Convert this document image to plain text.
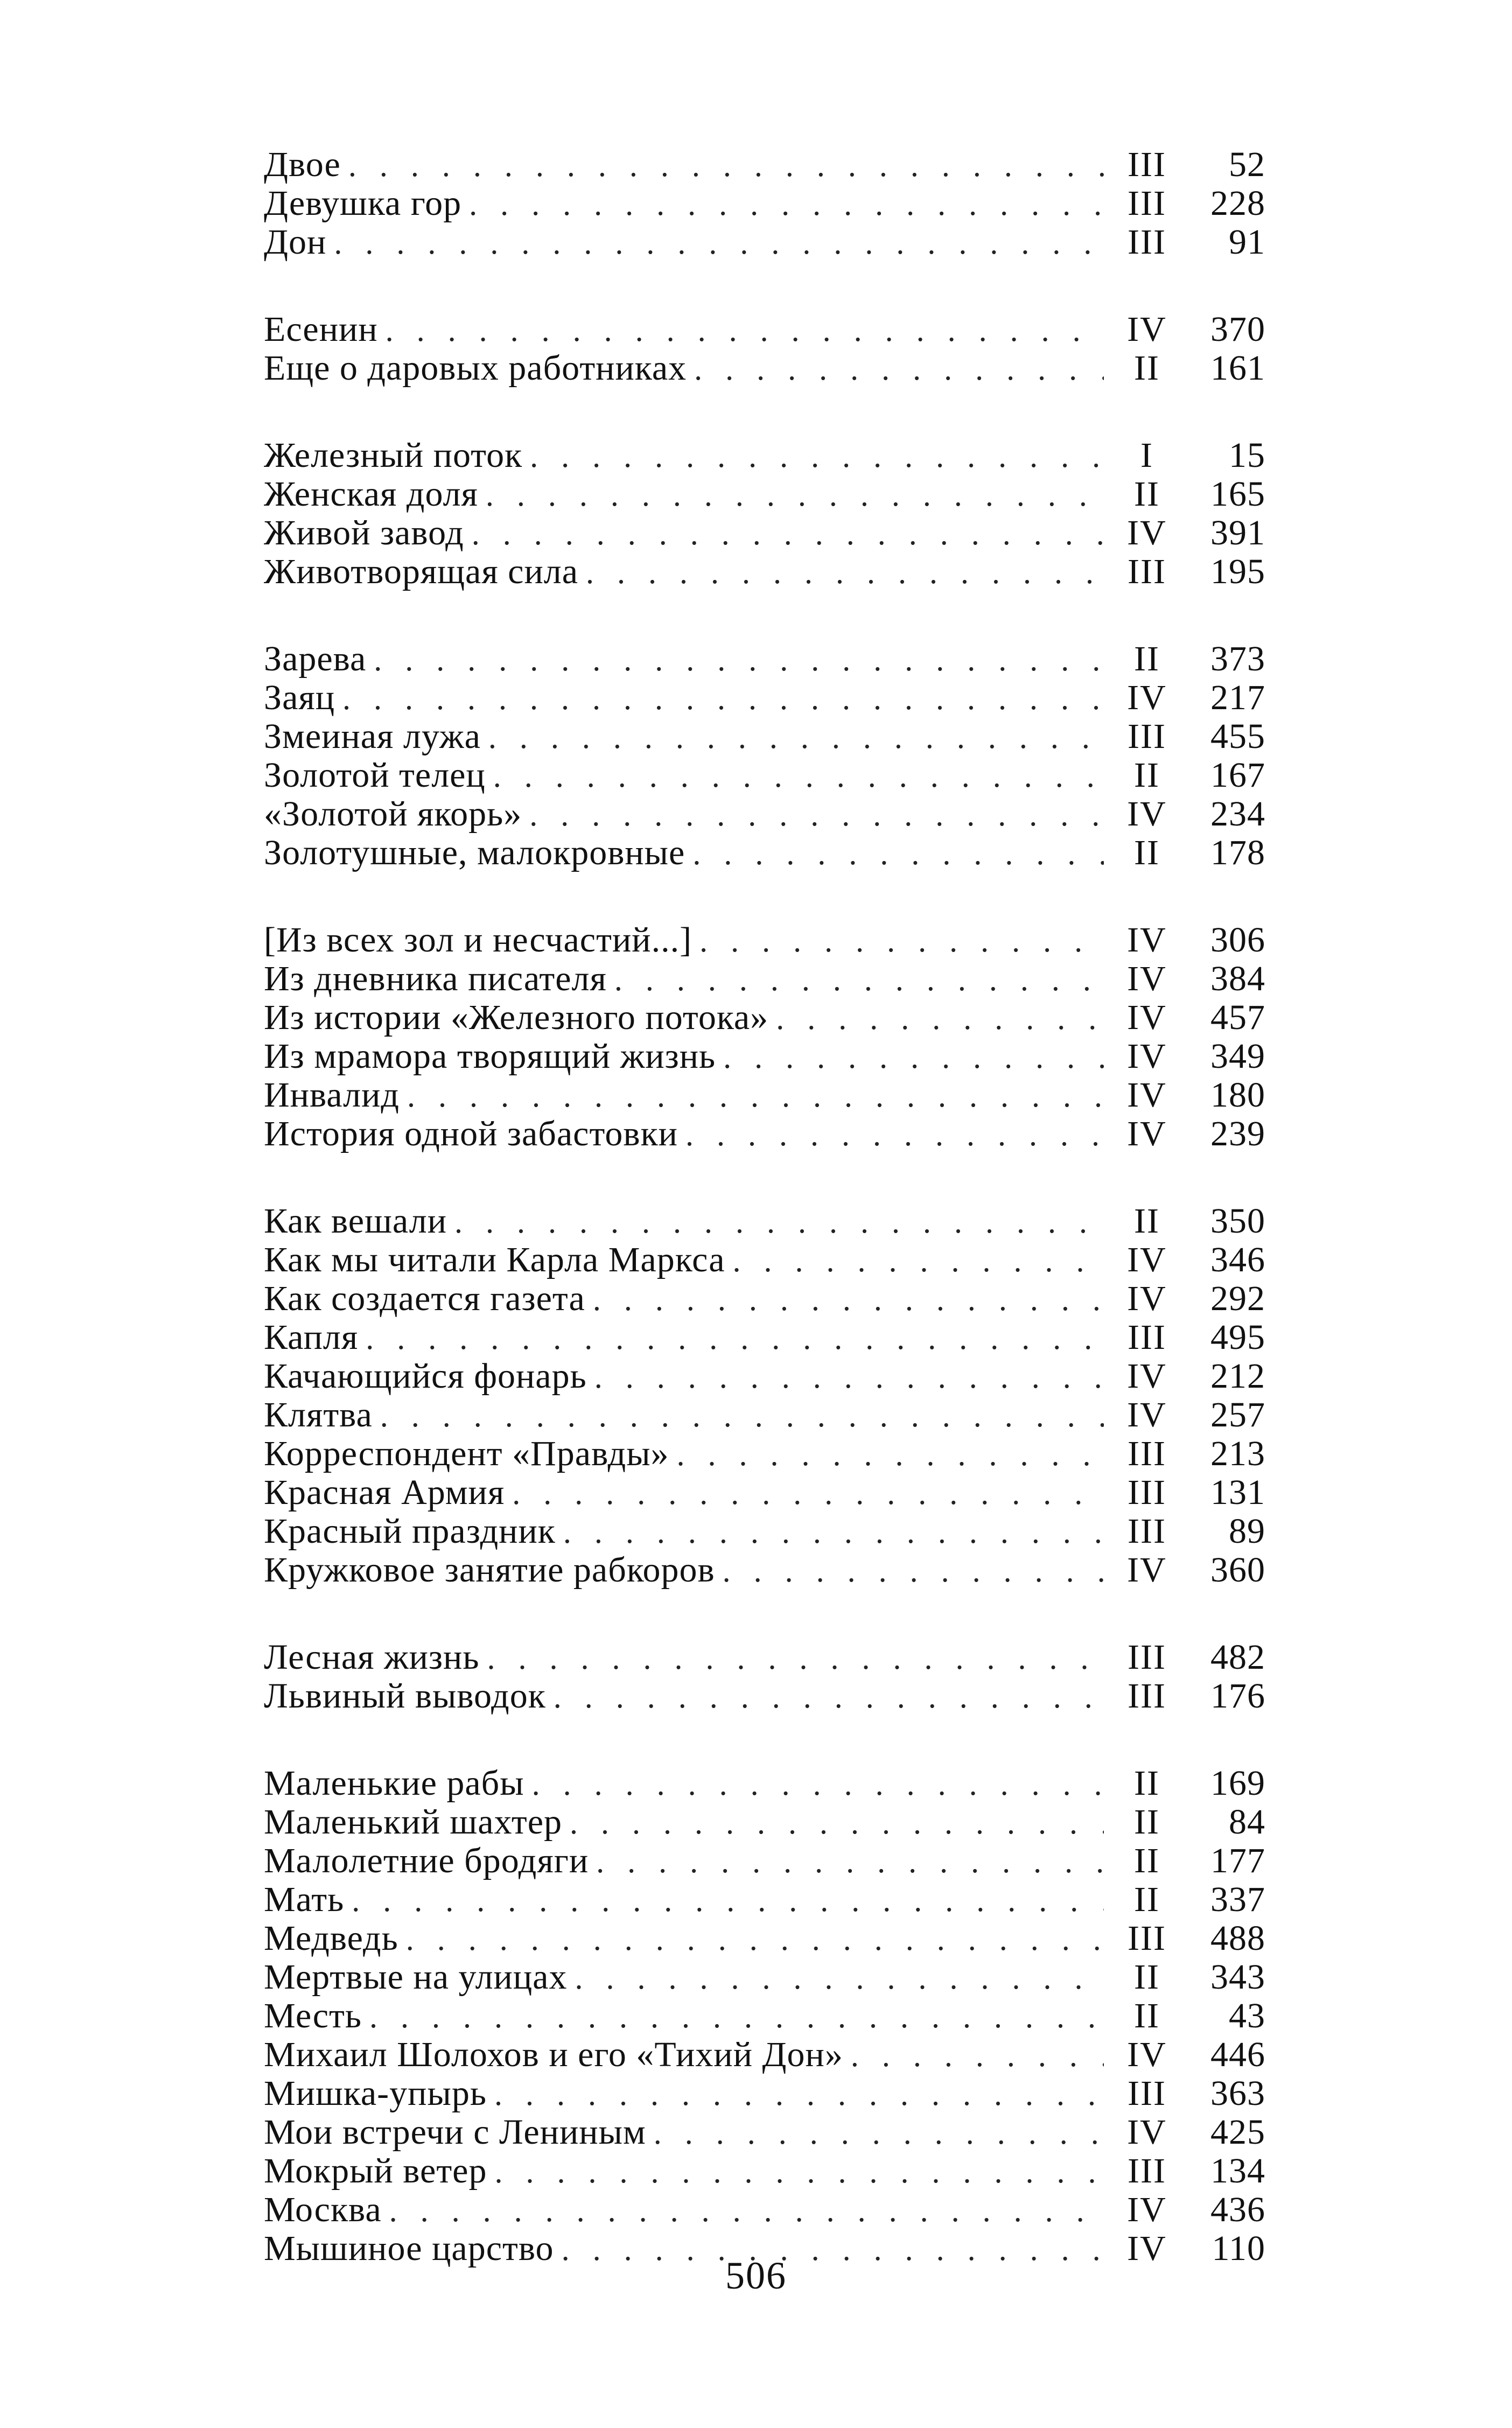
Двое . . .	III	52
Девушка гор . . .	III	228
Дон . . .	III	91
Есенин . . .	IV	370
Еще о даровых работниках . . .	II	161
Железный поток . . .	I	15
Женская доля . . .	II	165
Живой завод . . .	IV	391
Животворящая сила . . .	III	195
Зарева . . .	II	373
Заяц . . .	IV	217
Змеиная лужа . . .	III	455
Золотой телец . . .	II	167
«Золотой якорь» . . .	IV	234
Золотушные, малокровные . . .	II	178
[Из всех зол и несчастий...] . . .	IV	306
Из дневника писателя . . .	IV	384
Из истории «Железного потока» . . .	IV	457
Из мрамора творящий жизнь . . .	IV	349
Инвалид . . .	IV	180
История одной забастовки . . .	IV	239
Как вешали . . .	II	350
Как мы читали Карла Маркса . . .	IV	346
Как создается газета . . .	IV	292
Капля . . .	III	495
Качающийся фонарь . . .	IV	212
Клятва . . .	IV	257
Корреспондент «Правды» . . .	III	213
Красная Армия . . .	III	131
Красный праздник . . .	III	89
Кружковое занятие рабкоров . . .	IV	360
Лесная жизнь . . .	III	482
Львиный выводок . . .	III	176
Маленькие рабы . . .	II	169
Маленький шахтер . . .	II	84
Малолетние бродяги . . .	II	177
Мать . . .	II	337
Медведь . . .	III	488
Мертвые на улицах . . .	II	343
Месть . . .	II	43
Михаил Шолохов и его «Тихий Дон» . . .	IV	446
Мишка-упырь . . .	III	363
Мои встречи с Лениным . . .	IV	425
Мокрый ветер . . .	III	134
Москва . . .	IV	436
Мышиное царство . . .	IV	110
506
